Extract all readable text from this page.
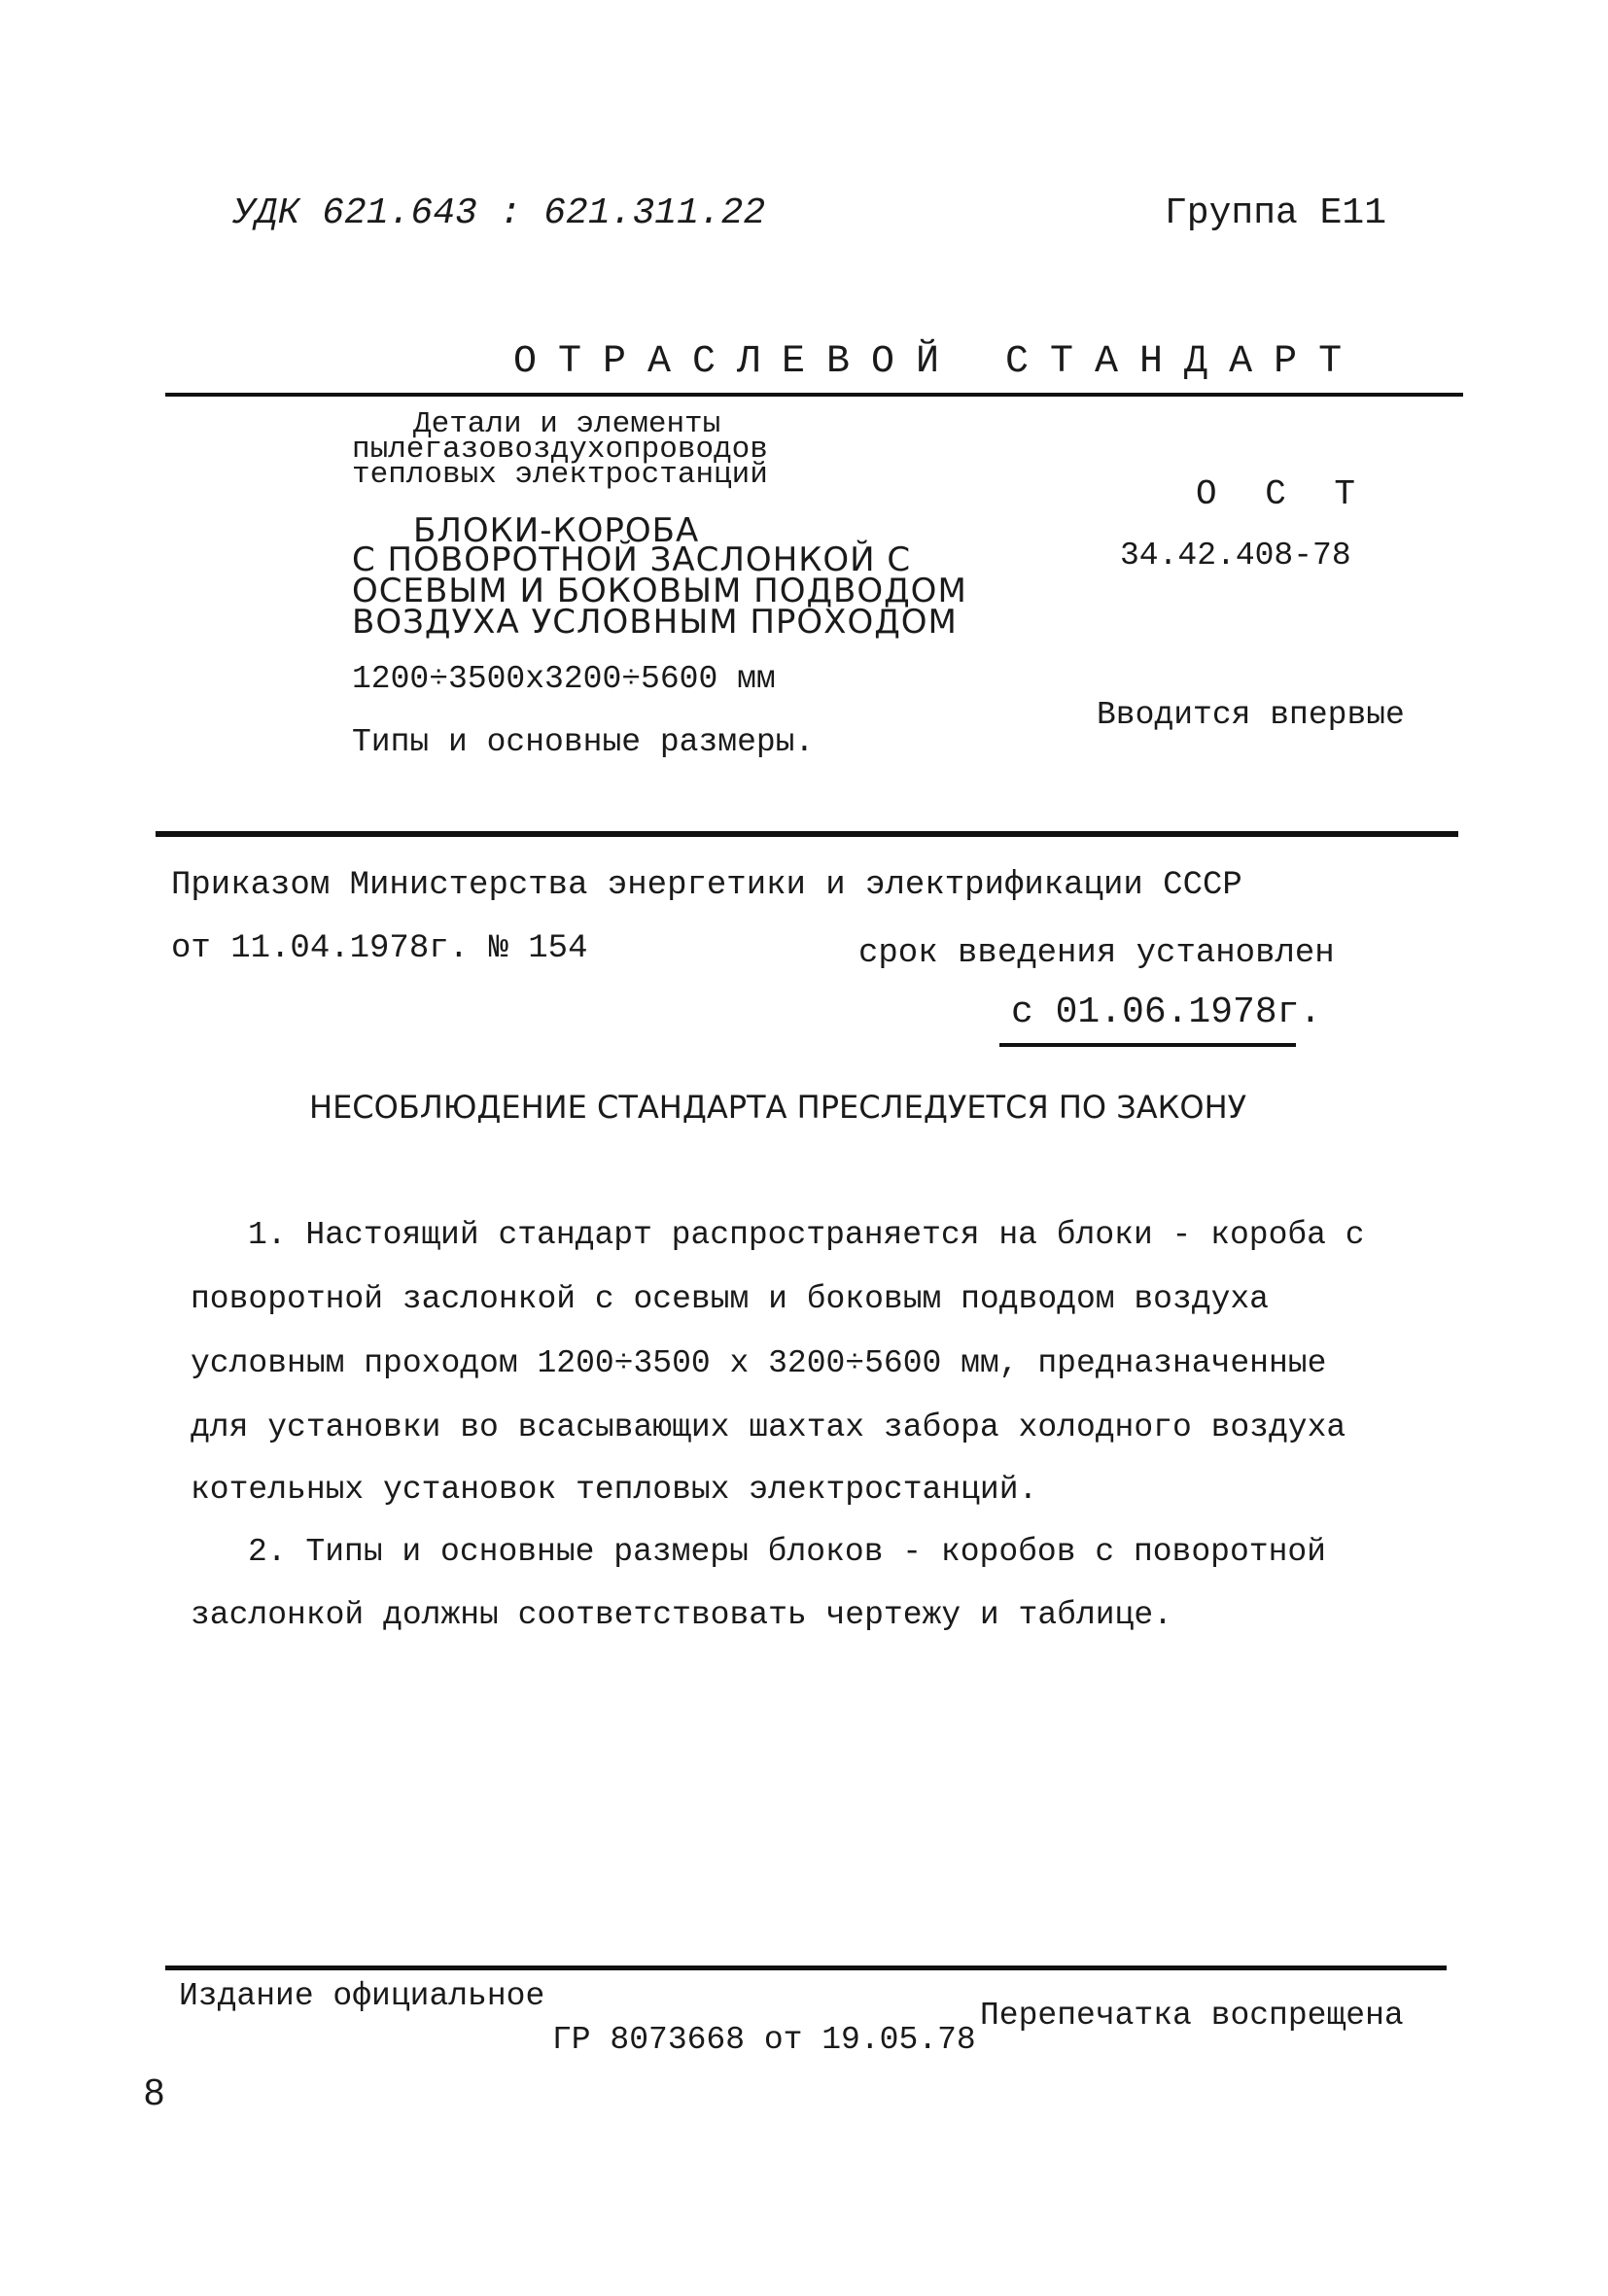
УДК 621.643 : 621.311.22	Группа Е11
ОТРАСЛЕВОЙ СТАНДАРТ
Детали и элементы
пылегазовоздухопроводов
тепловых электростанций
БЛОКИ-КОРОБА
С ПОВОРОТНОЙ ЗАСЛОНКОЙ С
ОСЕВЫМ И БОКОВЫМ ПОДВОДОМ
ВОЗДУХА УСЛОВНЫМ ПРОХОДОМ
1200÷3500х3200÷5600 мм
Типы и основные размеры.
О С Т
34.42.408-78
Вводится впервые
Приказом Министерства энергетики и электрификации СССР
от 11.04.1978г. № 154	срок введения установлен
с 01.06.1978г.
НЕСОБЛЮДЕНИЕ СТАНДАРТА ПРЕСЛЕДУЕТСЯ ПО ЗАКОНУ
1. Настоящий стандарт распространяется на блоки - короба с
поворотной заслонкой с осевым и боковым подводом воздуха
условным проходом 1200÷3500 х 3200÷5600 мм, предназначенные
для установки во всасывающих шахтах забора холодного воздуха
котельных установок тепловых электростанций.
2. Типы и основные размеры блоков - коробов с поворотной
заслонкой должны соответствовать чертежу и таблице.
Издание официальное
ГР 8073668 от 19.05.78
Перепечатка воспрещена
8
